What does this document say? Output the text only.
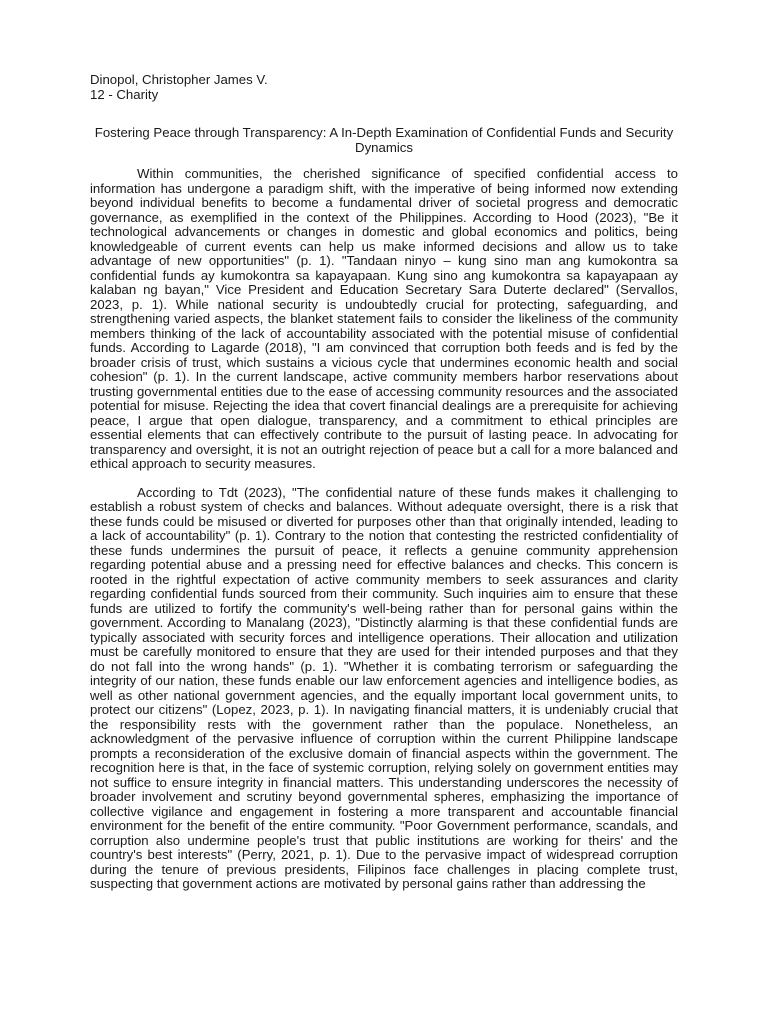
Dinopol, Christopher James V.

12 - Charity

Fostering Peace through Transparency: A In-Depth Examination of Confidential Funds and Security Dynamics

Within communities, the cherished significance of specified confidential access to information has undergone a paradigm shift, with the imperative of being informed now extending beyond individual benefits to become a fundamental driver of societal progress and democratic governance, as exemplified in the context of the Philippines. According to Hood (2023), "Be it technological advancements or changes in domestic and global economics and politics, being knowledgeable of current events can help us make informed decisions and allow us to take advantage of new opportunities" (p. 1). "Tandaan ninyo – kung sino man ang kumokontra sa confidential funds ay kumokontra sa kapayapaan. Kung sino ang kumokontra sa kapayapaan ay kalaban ng bayan," Vice President and Education Secretary Sara Duterte declared" (Servallos, 2023, p. 1). While national security is undoubtedly crucial for protecting, safeguarding, and strengthening varied aspects, the blanket statement fails to consider the likeliness of the community members thinking of the lack of accountability associated with the potential misuse of confidential funds. According to Lagarde (2018), "I am convinced that corruption both feeds and is fed by the broader crisis of trust, which sustains a vicious cycle that undermines economic health and social cohesion" (p. 1). In the current landscape, active community members harbor reservations about trusting governmental entities due to the ease of accessing community resources and the associated potential for misuse. Rejecting the idea that covert financial dealings are a prerequisite for achieving peace, I argue that open dialogue, transparency, and a commitment to ethical principles are essential elements that can effectively contribute to the pursuit of lasting peace. In advocating for transparency and oversight, it is not an outright rejection of peace but a call for a more balanced and ethical approach to security measures.

According to Tdt (2023), "The confidential nature of these funds makes it challenging to establish a robust system of checks and balances. Without adequate oversight, there is a risk that these funds could be misused or diverted for purposes other than that originally intended, leading to a lack of accountability" (p. 1). Contrary to the notion that contesting the restricted confidentiality of these funds undermines the pursuit of peace, it reflects a genuine community apprehension regarding potential abuse and a pressing need for effective balances and checks. This concern is rooted in the rightful expectation of active community members to seek assurances and clarity regarding confidential funds sourced from their community. Such inquiries aim to ensure that these funds are utilized to fortify the community's well-being rather than for personal gains within the government. According to Manalang (2023), "Distinctly alarming is that these confidential funds are typically associated with security forces and intelligence operations. Their allocation and utilization must be carefully monitored to ensure that they are used for their intended purposes and that they do not fall into the wrong hands" (p. 1). "Whether it is combating terrorism or safeguarding the integrity of our nation, these funds enable our law enforcement agencies and intelligence bodies, as well as other national government agencies, and the equally important local government units, to protect our citizens" (Lopez, 2023, p. 1). In navigating financial matters, it is undeniably crucial that the responsibility rests with the government rather than the populace. Nonetheless, an acknowledgment of the pervasive influence of corruption within the current Philippine landscape prompts a reconsideration of the exclusive domain of financial aspects within the government. The recognition here is that, in the face of systemic corruption, relying solely on government entities may not suffice to ensure integrity in financial matters. This understanding underscores the necessity of broader involvement and scrutiny beyond governmental spheres, emphasizing the importance of collective vigilance and engagement in fostering a more transparent and accountable financial environment for the benefit of the entire community. "Poor Government performance, scandals, and corruption also undermine people's trust that public institutions are working for theirs' and the country's best interests" (Perry, 2021, p. 1). Due to the pervasive impact of widespread corruption during the tenure of previous presidents, Filipinos face challenges in placing complete trust, suspecting that government actions are motivated by personal gains rather than addressing the
